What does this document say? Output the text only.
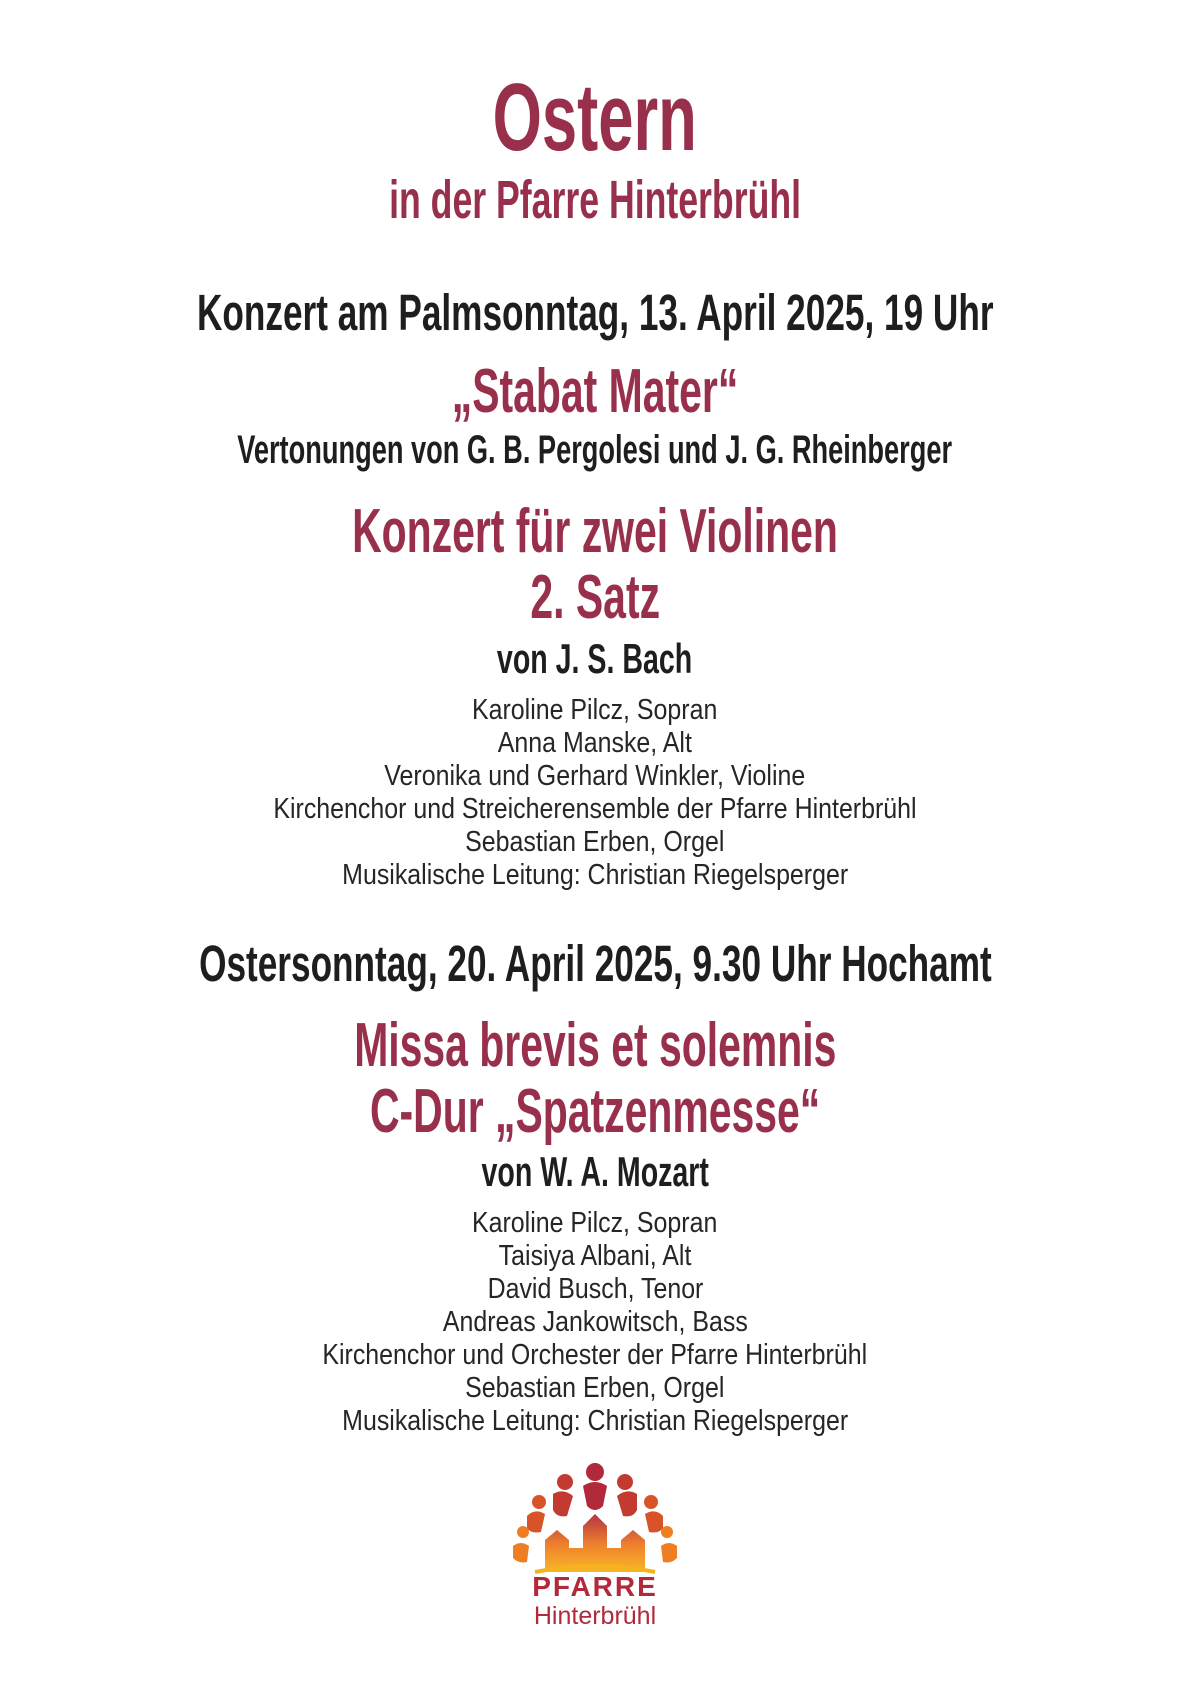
Ostern
in der Pfarre Hinterbrühl
Konzert am Palmsonntag, 13. April 2025, 19 Uhr
„Stabat Mater“
Vertonungen von G. B. Pergolesi und J. G. Rheinberger
Konzert für zwei Violinen
2. Satz
von J. S. Bach
Karoline Pilcz, Sopran
Anna Manske, Alt
Veronika und Gerhard Winkler, Violine
Kirchenchor und Streicherensemble der Pfarre Hinterbrühl
Sebastian Erben, Orgel
Musikalische Leitung: Christian Riegelsperger
Ostersonntag, 20. April 2025, 9.30 Uhr Hochamt
Missa brevis et solemnis
C-Dur „Spatzenmesse“
von W. A. Mozart
Karoline Pilcz, Sopran
Taisiya Albani, Alt
David Busch, Tenor
Andreas Jankowitsch, Bass
Kirchenchor und Orchester der Pfarre Hinterbrühl
Sebastian Erben, Orgel
Musikalische Leitung: Christian Riegelsperger
PFARRE
Hinterbrühl
